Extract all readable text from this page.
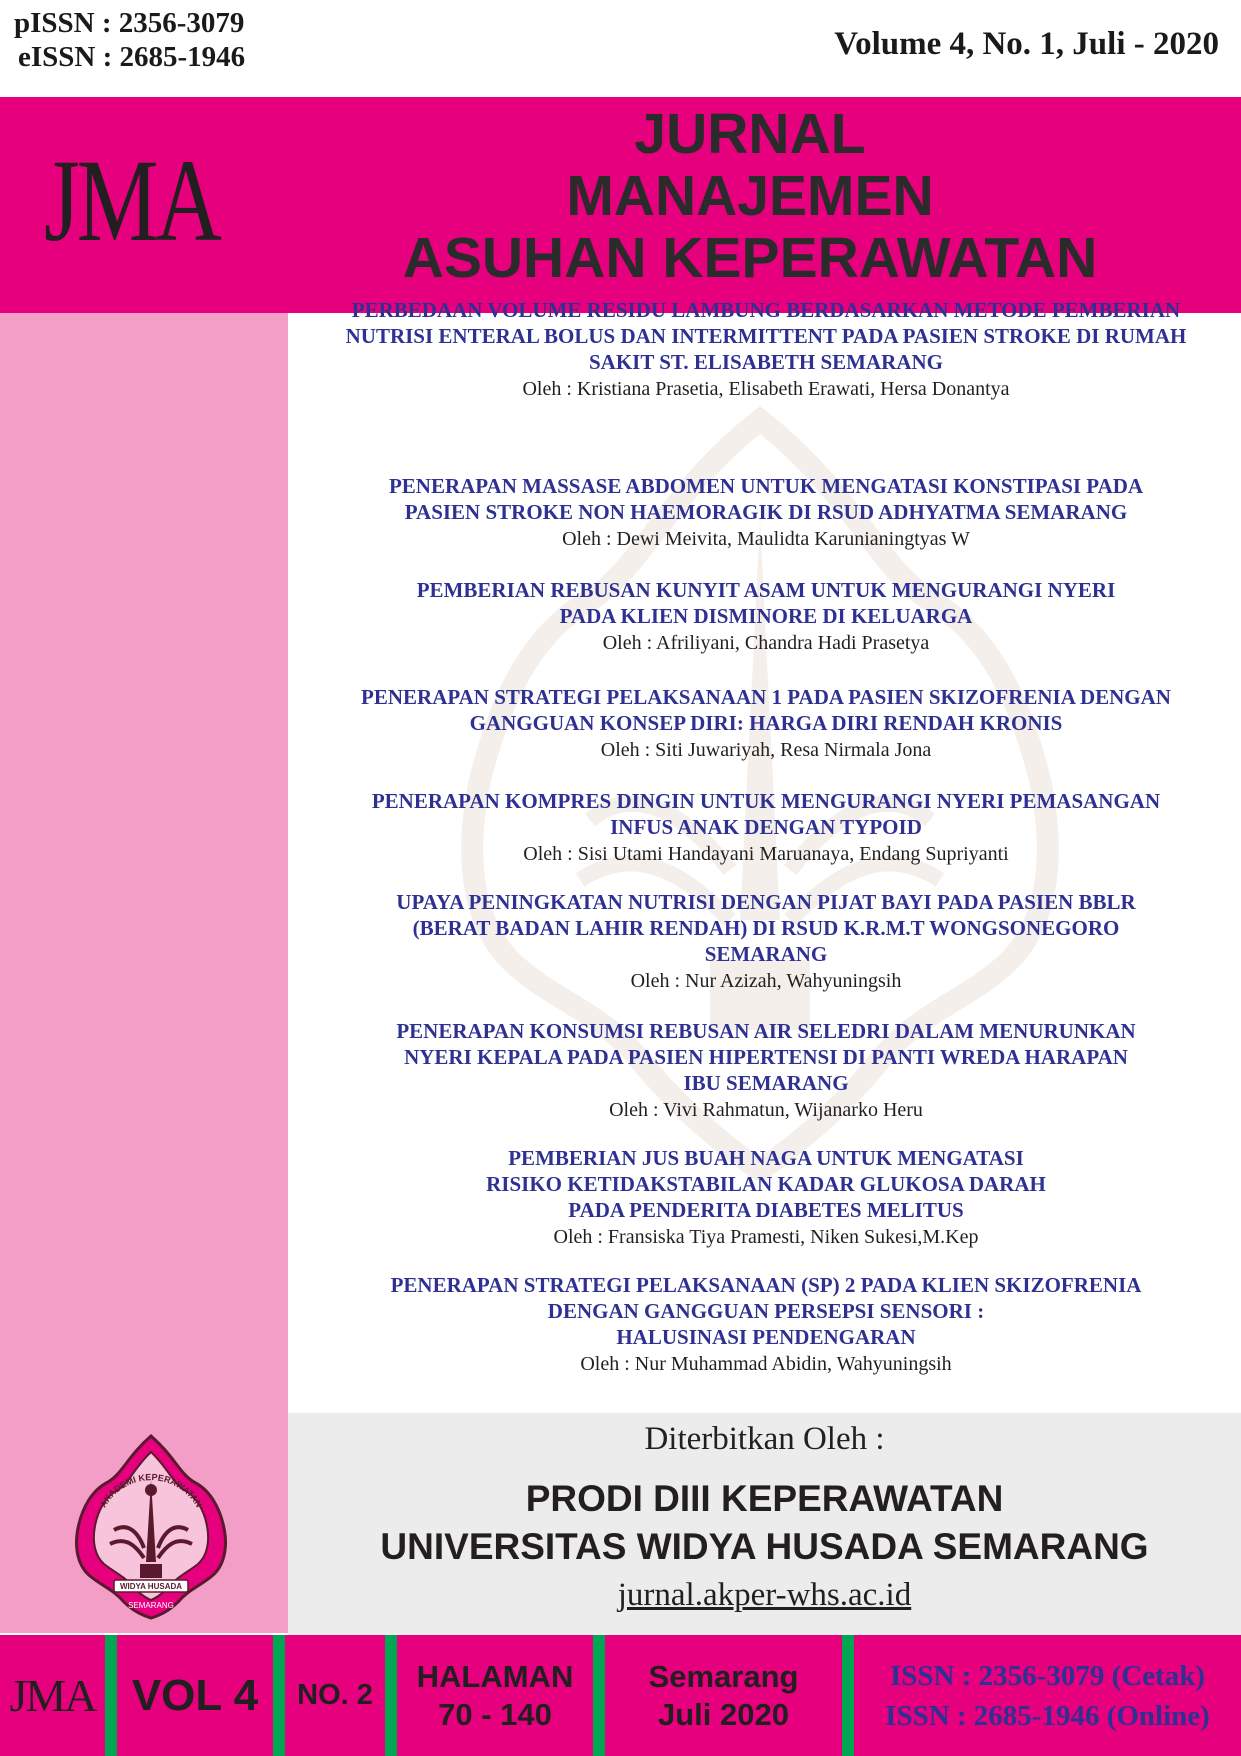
pISSN : 2356-3079
eISSN : 2685-1946	Volume 4, No. 1, Juli - 2020
JMA
JURNAL
MANAJEMEN
ASUHAN KEPERAWATAN
PERBEDAAN VOLUME RESIDU LAMBUNG BERDASARKAN METODE PEMBERIAN
NUTRISI ENTERAL BOLUS DAN INTERMITTENT PADA PASIEN STROKE DI RUMAH
SAKIT ST. ELISABETH SEMARANG
Oleh : Kristiana Prasetia, Elisabeth Erawati, Hersa Donantya
PENERAPAN MASSASE ABDOMEN UNTUK MENGATASI KONSTIPASI PADA
PASIEN STROKE NON HAEMORAGIK DI RSUD ADHYATMA SEMARANG
Oleh : Dewi Meivita, Maulidta Karunianingtyas W
PEMBERIAN REBUSAN KUNYIT ASAM UNTUK MENGURANGI NYERI
PADA KLIEN DISMINORE DI KELUARGA
Oleh : Afriliyani, Chandra Hadi Prasetya
PENERAPAN STRATEGI PELAKSANAAN 1 PADA PASIEN SKIZOFRENIA DENGAN
GANGGUAN KONSEP DIRI: HARGA DIRI RENDAH KRONIS
Oleh : Siti Juwariyah, Resa Nirmala Jona
PENERAPAN KOMPRES DINGIN UNTUK MENGURANGI NYERI PEMASANGAN
INFUS ANAK DENGAN TYPOID
Oleh : Sisi Utami Handayani Maruanaya, Endang Supriyanti
UPAYA PENINGKATAN NUTRISI DENGAN PIJAT BAYI PADA PASIEN BBLR
(BERAT BADAN LAHIR RENDAH) DI RSUD K.R.M.T WONGSONEGORO
SEMARANG
Oleh : Nur Azizah, Wahyuningsih
PENERAPAN KONSUMSI REBUSAN AIR SELEDRI DALAM MENURUNKAN
NYERI KEPALA PADA PASIEN HIPERTENSI DI PANTI WREDA HARAPAN
IBU SEMARANG
Oleh : Vivi Rahmatun, Wijanarko Heru
PEMBERIAN JUS BUAH NAGA UNTUK MENGATASI
RISIKO KETIDAKSTABILAN KADAR GLUKOSA DARAH
PADA PENDERITA DIABETES MELITUS
Oleh : Fransiska Tiya Pramesti, Niken Sukesi,M.Kep
PENERAPAN STRATEGI PELAKSANAAN (SP) 2 PADA KLIEN SKIZOFRENIA
DENGAN GANGGUAN PERSEPSI SENSORI :
HALUSINASI PENDENGARAN
Oleh : Nur Muhammad Abidin, Wahyuningsih
WIDYA HUSADA
AKADEMI KEPERAWATAN
SEMARANG
Diterbitkan Oleh :
PRODI DIII KEPERAWATAN
UNIVERSITAS WIDYA HUSADA SEMARANG
jurnal.akper-whs.ac.id
JMA VOL 4	NO. 2
HALAMAN
70 - 140
Semarang
Juli 2020
ISSN : 2356-3079 (Cetak)
ISSN : 2685-1946 (Online)
